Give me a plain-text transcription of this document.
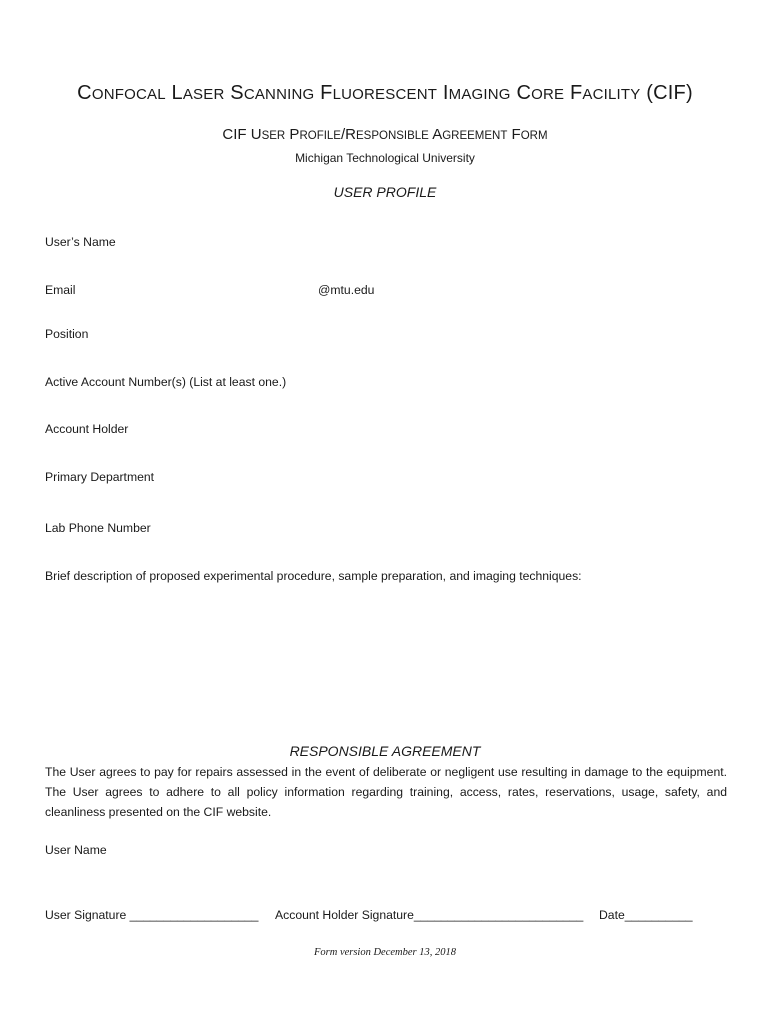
CONFOCAL LASER SCANNING FLUORESCENT IMAGING CORE FACILITY (CIF)
CIF USER PROFILE/RESPONSIBLE AGREEMENT FORM
Michigan Technological University
USER PROFILE
User’s Name
Email	@mtu.edu
Position
Active Account Number(s) (List at least one.)
Account Holder
Primary Department
Lab Phone Number
Brief description of proposed experimental procedure, sample preparation, and imaging techniques:
RESPONSIBLE AGREEMENT
The User agrees to pay for repairs assessed in the event of deliberate or negligent use resulting in damage to the equipment. The User agrees to adhere to all policy information regarding training, access, rates, reservations, usage, safety, and cleanliness presented on the CIF website.
User Name
User Signature ___________________ Account Holder Signature_________________________ Date__________
Form version December 13, 2018
